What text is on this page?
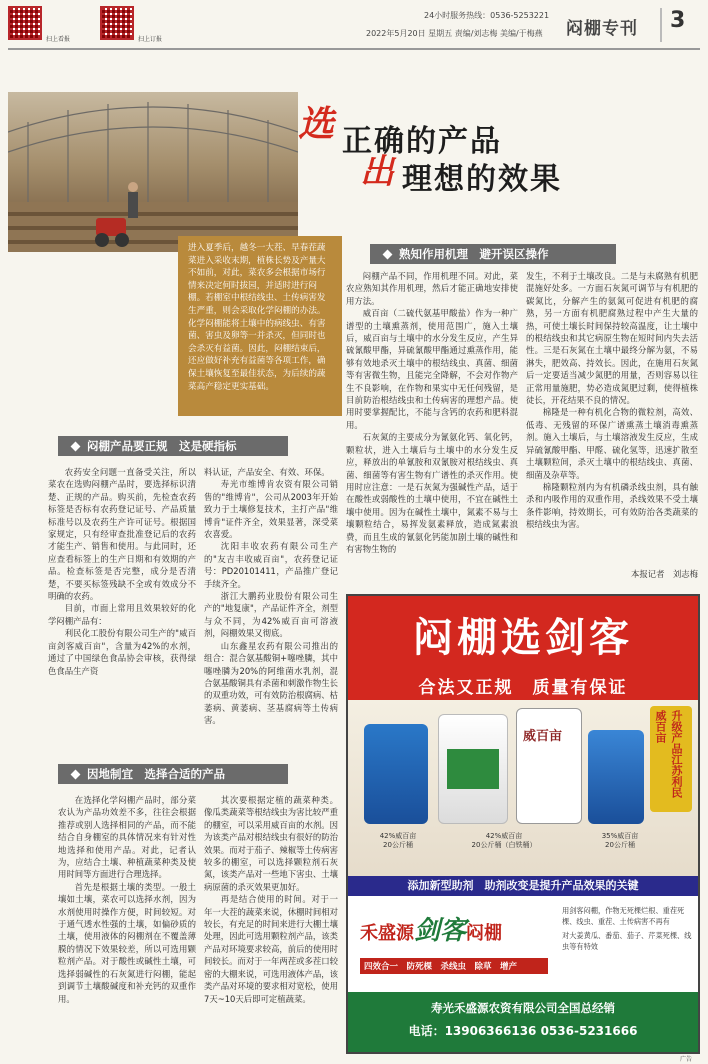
扫上看报	扫上订报
24小时服务热线：0536-5253221
2022年5月20日 星期五 责编/刘志梅 美编/于梅燕 闷棚专刊 3
选 正确的产品
出 理想的效果
进入夏季后，越冬一大茬、早春茬蔬菜进入采收末期，植株长势及产量大不如前，对此，菜农多会根据市场行情来决定何时拔园，并适时进行闷棚。若棚室中根结线虫、土传病害发生严重，则会采取化学闷棚的办法。化学闷棚能将土壤中的病线虫、有害菌、害虫及卵等一并杀灭，但同时也会杀灭有益菌。因此，闷棚结束后，还应做好补充有益菌等各项工作，确保土壤恢复至最佳状态，为后续的蔬菜高产稳定更实基础。
熟知作用机理　避开误区操作

闷棚产品不同，作用机理不同。对此，菜农应熟知其作用机理，然后才能正确地安排使用方法。

威百亩（二硫代氨基甲酸盐）作为一种广谱型的土壤熏蒸剂，使用范围广，施入土壤后，威百亩与土壤中的水分发生反应，产生异硫氰酸甲酯，异硫氰酸甲酯通过熏蒸作用，能够有效地杀灭土壤中的根结线虫、真菌、细菌等有害微生物，且能完全降解，不会对作物产生不良影响，在作物和果实中无任何残留，是目前防治根结线虫和土传病害的理想产品。使用时要掌握配比，不能与含钙的农药和肥料混用。

石灰氮的主要成分为氰氨化钙、氧化钙，颗粒状，进入土壤后与土壤中的水分发生反应，释放出的单氰胺和双氰胺对根结线虫、真菌、细菌等有害生物有广谱性的杀灭作用。使用时应注意：一是石灰氮为强碱性产品，适于在酸性或弱酸性的土壤中使用，不宜在碱性土壤中使用。因为在碱性土壤中，氮素不易与土壤颗粒结合，易挥发氨素释放，造成氮素浪费，而且生成的氰氨化钙能加剧土壤的碱性和有害物生物的

发生，不利于土壤改良。二是与未腐熟有机肥混施好处多。一方面石灰氮可调节与有机肥的碳氮比，分解产生的氨氮可促进有机肥的腐熟，另一方面有机肥腐熟过程中产生大量的热，可使土壤长时间保持较高温度，让土壤中的根结线虫和其它病原生物在短时间内失去活性。三是石灰氮在土壤中最终分解为氨，不易淋失，肥效高、持效长。因此，在施用石灰氮后一定要适当减少氮肥的用量，否则容易以往正常用量施肥，势必造成氮肥过剩，使得植株徒长，开花结果不良的情况。

棉隆是一种有机化合物的微粒剂，高效、低毒、无残留的环保广谱熏蒸土壤消毒熏蒸剂。施入土壤后，与土壤溶液发生反应，生成异硫氰酸甲酯、甲醛、硫化氢等，迅速扩散至土壤颗粒间，杀灭土壤中的根结线虫、真菌、细菌及杂草等。

棉隆颗粒剂内为有机磷杀线虫剂，具有触杀和内吸作用的双重作用，杀线效果不受土壤条件影响，持效期长，可有效防治各类蔬菜的根结线虫为害。

本报记者　刘志梅
闷棚产品要正规　这是硬指标

农药安全问题一直备受关注，所以菜农在选购闷棚产品时，要选择标识清楚、正规的产品。购买前，先检查农药标签是否标有农药登记证号、产品质量标准号以及农药生产许可证号。根据国家规定，只有经审查批准登记后的农药才能生产、销售和使用。与此同时，还应查看标签上的生产日期和有效期的产品。检查标签是否完整，成分是否清楚，不要买标签残缺不全或有效成分不明确的农药。

目前，市面上常用且效果较好的化学闷棚产品有：

利民化工股份有限公司生产的"威百亩剑客威百亩"，含量为42%的水剂，通过了中国绿色食品协会审核，获得绿色食品生产资

料认证，产品安全、有效、环保。

寿光市维博肯农资有限公司销售的"维博肯"，公司从2003年开始致力于土壤修复技术，主打产品"维博肯"证件齐全，效果显著，深受菜农喜爱。

沈阳丰收农药有限公司生产的"友吉丰收威百亩"，农药登记证号：PD20101411，产品推广登记手续齐全。

浙江大鹏药业股份有限公司生产的"地复康"，产品证件齐全，剂型与众不同，为42%威百亩可溶液剂，闷棚效果又彻底。

山东鑫星农药有限公司推出的组合：混合氨基酸铜+噻唑膦，其中噻唑膦为20%的阿维菌水乳剂，混合氨基酸铜具有杀菌和刺激作物生长的双重功效，可有效防治根腐病、枯萎病、黄萎病、茎基腐病等土传病害。

因地制宜　选择合适的产品

在选择化学闷棚产品时，部分菜农认为产品功效差不多，往往会根据推荐或别人选择相同的产品，而不能结合自身棚室的具体情况来有针对性地选择和使用产品。对此，记者认为，应结合土壤、种植蔬菜种类及使用时间等方面进行合理选择。

首先是根据土壤的类型。一般土壤如土壤，菜农可以选择水剂，因为水剂使用时操作方便，时间较短。对于通气透水性强的土壤，如偏砂质的土壤，使用液体的闷棚剂在不覆盖薄膜的情况下效果较差，所以可选用颗粒剂产品。对于酸性或碱性土壤，可选择弱碱性的石灰氮进行闷棚，能起到调节土壤酸碱度和补充钙的双重作用。

其次要根据定植的蔬菜种类。像瓜类蔬菜等根结线虫为害比较严重的棚室，可以采用威百亩的水剂。因为该类产品对根结线虫有很好的防治效果。而对于茄子、辣椒等土传病害较多的棚室，可以选择颗粒剂石灰氮，该类产品对一些地下害虫、土壤病原菌的杀灭效果更加好。

再是结合使用的时间。对于一年一大茬的蔬菜来说，休棚时间相对较长，有充足的时间来进行大棚土壤处理，因此可选用颗粒剂产品，该类产品对环境要求较高，前后的使用时间较长。而对于一年两茬或多茬口较密的大棚来说，可选用液体产品，该类产品对环境的要求相对宽松，使用7天~10天后即可定植蔬菜。

闷棚选剑客
合法又正规　质量有保证
威百亩	升级产品江苏利民威百亩
42%威百亩
20公斤桶
42%威百亩
20公斤桶（白铁桶）
35%威百亩
20公斤桶
添加新型助剂　助剂改变是提升产品效果的关键
禾盛源剑客闷棚
四效合一　防死棵　杀线虫　除草　增产
用剑客闷棚，作物无死棵烂根、重茬死棵、线虫、重茬、土传病害不再有
对大姜黄瓜、番茄、茄子、芹菜死棵、线虫等有特效
寿光禾盛源农资有限公司全国总经销
电话：13906366136 0536-5231666
广告
